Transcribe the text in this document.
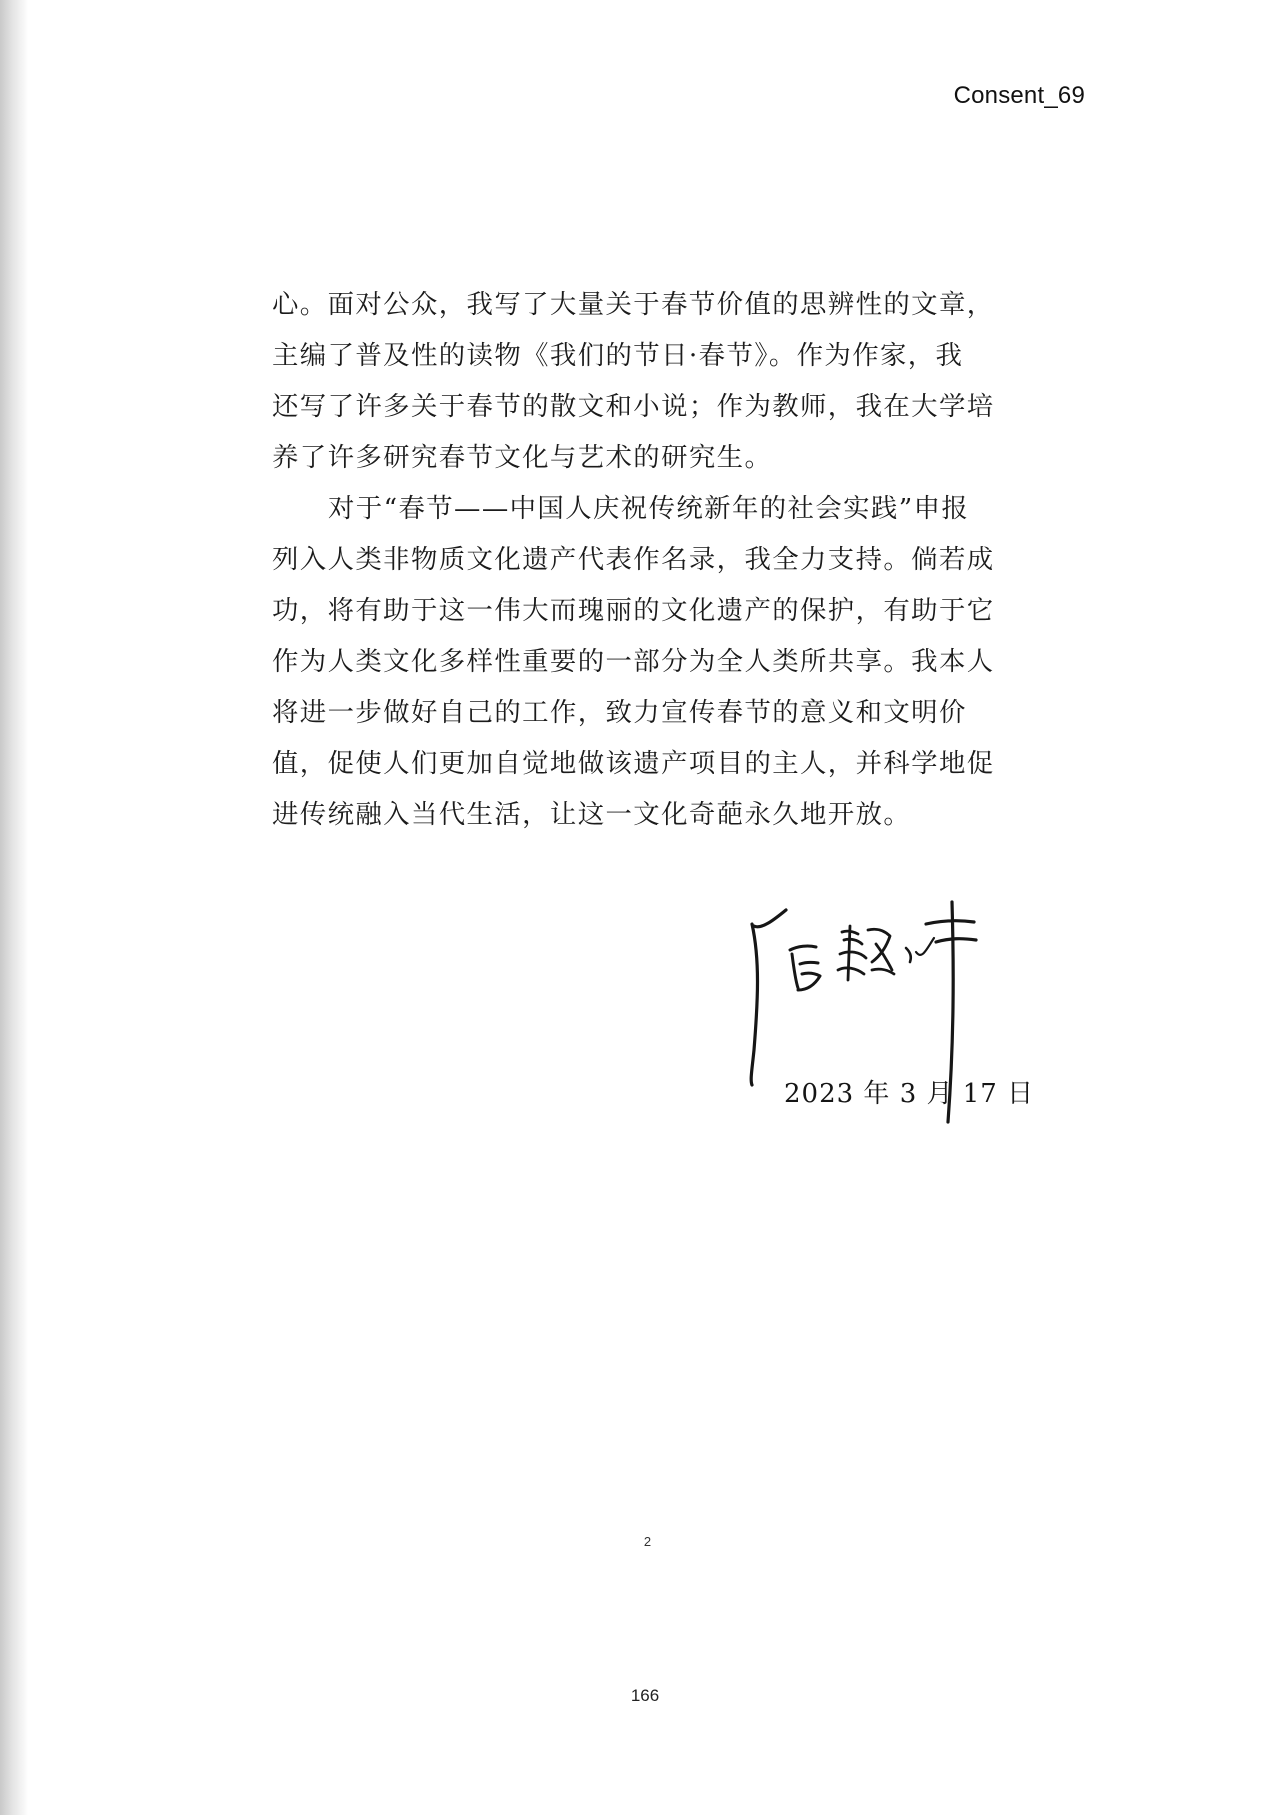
Consent_69

心。面对公众，我写了大量关于春节价值的思辨性的文章，
主编了普及性的读物《我们的节日·春节》。作为作家，我
还写了许多关于春节的散文和小说；作为教师，我在大学培
养了许多研究春节文化与艺术的研究生。

对于“春节——中国人庆祝传统新年的社会实践”申报
列入人类非物质文化遗产代表作名录，我全力支持。倘若成
功，将有助于这一伟大而瑰丽的文化遗产的保护，有助于它
作为人类文化多样性重要的一部分为全人类所共享。我本人
将进一步做好自己的工作，致力宣传春节的意义和文明价
值，促使人们更加自觉地做该遗产项目的主人，并科学地促
进传统融入当代生活，让这一文化奇葩永久地开放。

2023 年 3 月 17 日
2
166
